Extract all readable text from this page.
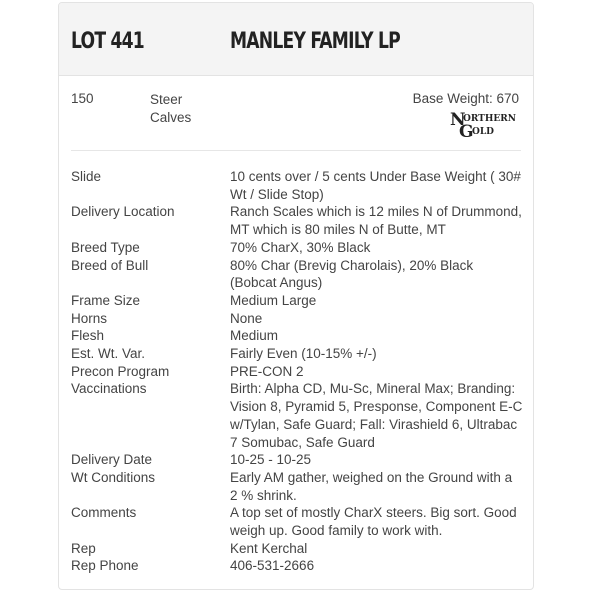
LOT 441	MANLEY FAMILY LP
150	Steer
Calves
Base Weight: 670
N
ORTHERN
G
OLD
Slide	10 cents over / 5 cents Under Base Weight ( 30# Wt / Slide Stop)
Delivery Location	Ranch Scales which is 12 miles N of Drummond, MT which is 80 miles N of Butte, MT
Breed Type	70% CharX, 30% Black
Breed of Bull	80% Char (Brevig Charolais), 20% Black (Bobcat Angus)
Frame Size	Medium Large
Horns	None
Flesh	Medium
Est. Wt. Var.	Fairly Even (10-15% +/-)
Precon Program	PRE-CON 2
Vaccinations	Birth: Alpha CD, Mu-Sc, Mineral Max; Branding: Vision 8, Pyramid 5, Presponse, Component E-C w/Tylan, Safe Guard; Fall: Virashield 6, Ultrabac 7 Somubac, Safe Guard
Delivery Date	10-25 - 10-25
Wt Conditions	Early AM gather, weighed on the Ground with a 2 % shrink.
Comments	A top set of mostly CharX steers. Big sort. Good weigh up. Good family to work with.
Rep	Kent Kerchal
Rep Phone	406-531-2666
